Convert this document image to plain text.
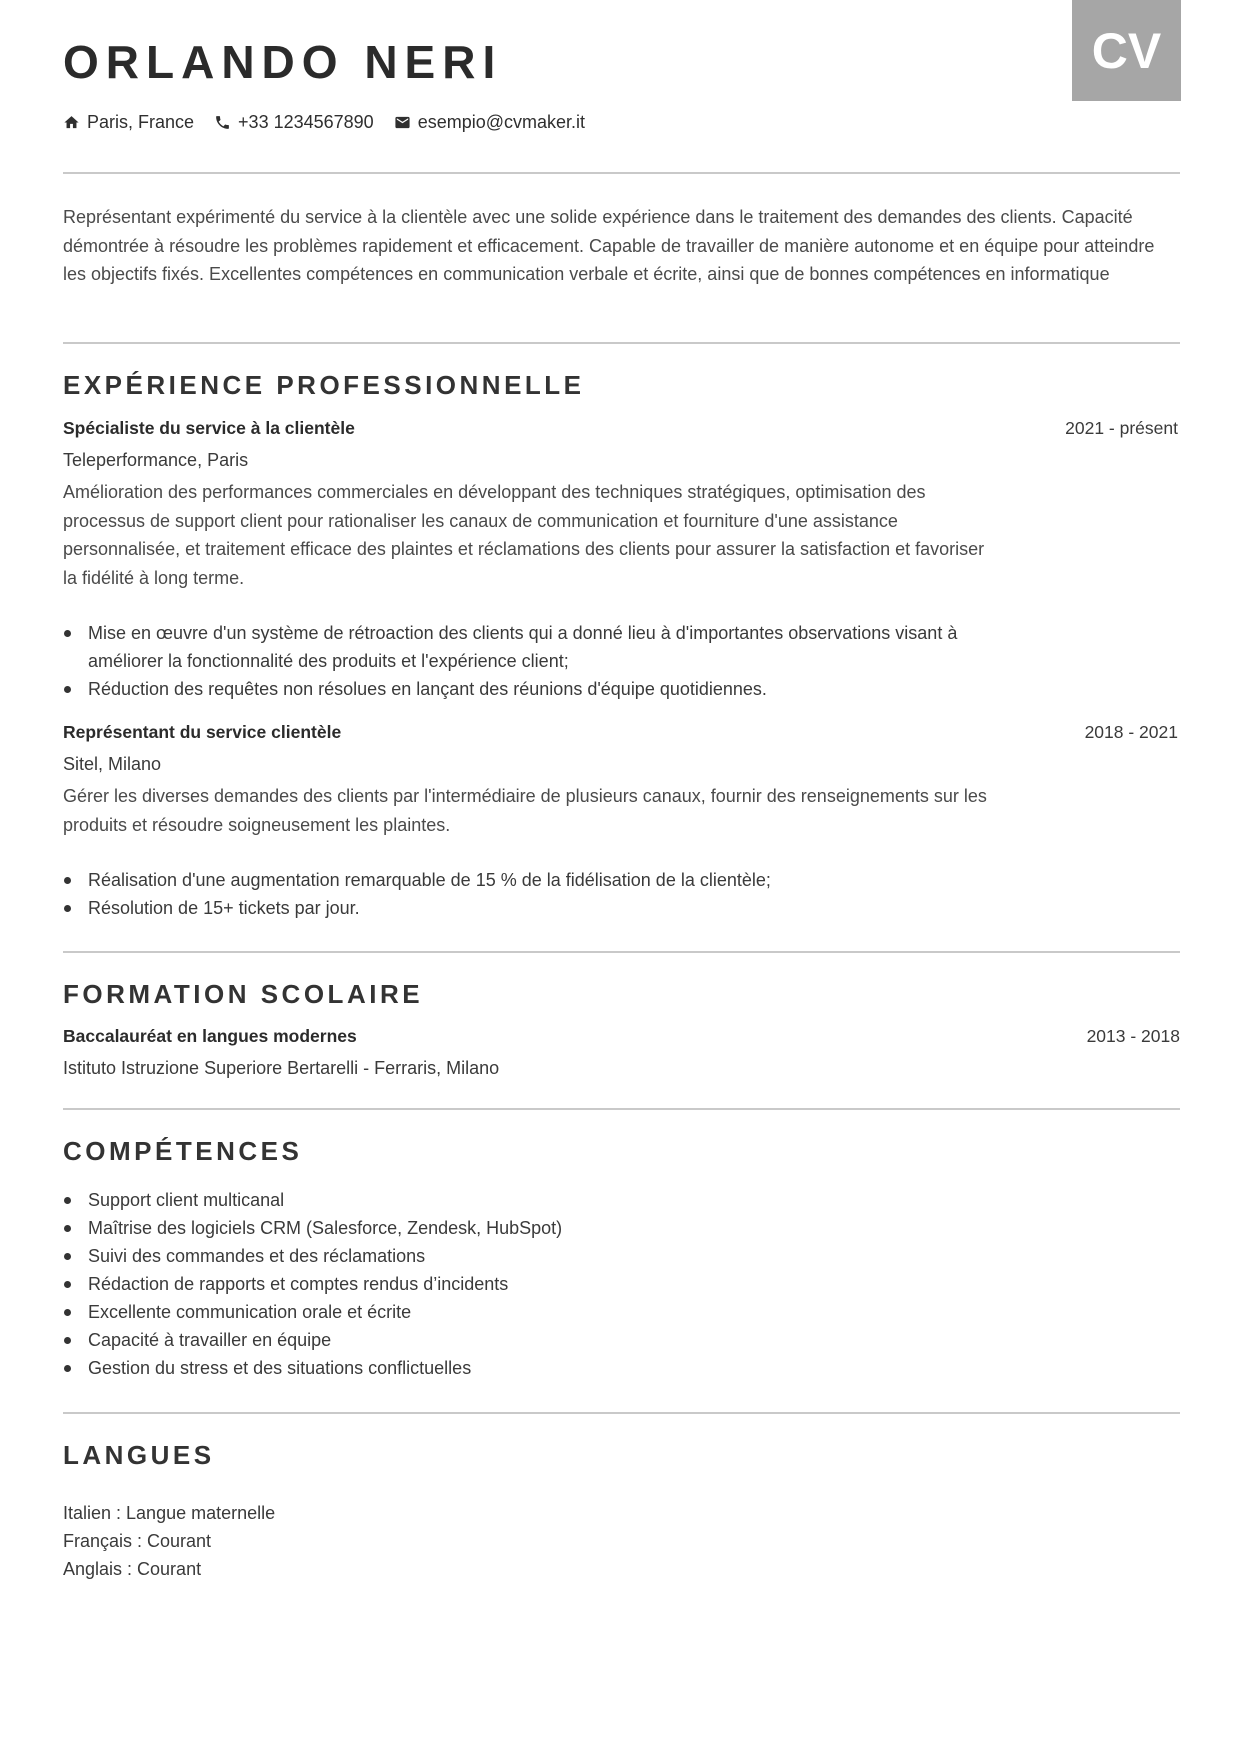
CV
ORLANDO NERI
Paris, France +33 1234567890 esempio@cvmaker.it

Représentant expérimenté du service à la clientèle avec une solide expérience dans le traitement des demandes des clients. Capacité démontrée à résoudre les problèmes rapidement et efficacement. Capable de travailler de manière autonome et en équipe pour atteindre les objectifs fixés. Excellentes compétences en communication verbale et écrite, ainsi que de bonnes compétences en informatique

EXPÉRIENCE PROFESSIONNELLE
Spécialiste du service à la clientèle	2021 - présent
Teleperformance, Paris
Amélioration des performances commerciales en développant des techniques stratégiques, optimisation des processus de support client pour rationaliser les canaux de communication et fourniture d'une assistance personnalisée, et traitement efficace des plaintes et réclamations des clients pour assurer la satisfaction et favoriser la fidélité à long terme.
Mise en œuvre d'un système de rétroaction des clients qui a donné lieu à d'importantes observations visant à améliorer la fonctionnalité des produits et l'expérience client;
Réduction des requêtes non résolues en lançant des réunions d'équipe quotidiennes.
Représentant du service clientèle	2018 - 2021
Sitel, Milano
Gérer les diverses demandes des clients par l'intermédiaire de plusieurs canaux, fournir des renseignements sur les produits et résoudre soigneusement les plaintes.
Réalisation d'une augmentation remarquable de 15 % de la fidélisation de la clientèle;
Résolution de 15+ tickets par jour.
FORMATION SCOLAIRE
Baccalauréat en langues modernes	2013 - 2018
Istituto Istruzione Superiore Bertarelli - Ferraris, Milano
COMPÉTENCES
Support client multicanal
Maîtrise des logiciels CRM (Salesforce, Zendesk, HubSpot)
Suivi des commandes et des réclamations
Rédaction de rapports et comptes rendus d’incidents
Excellente communication orale et écrite
Capacité à travailler en équipe
Gestion du stress et des situations conflictuelles
LANGUES
Italien : Langue maternelle
Français : Courant
Anglais : Courant
